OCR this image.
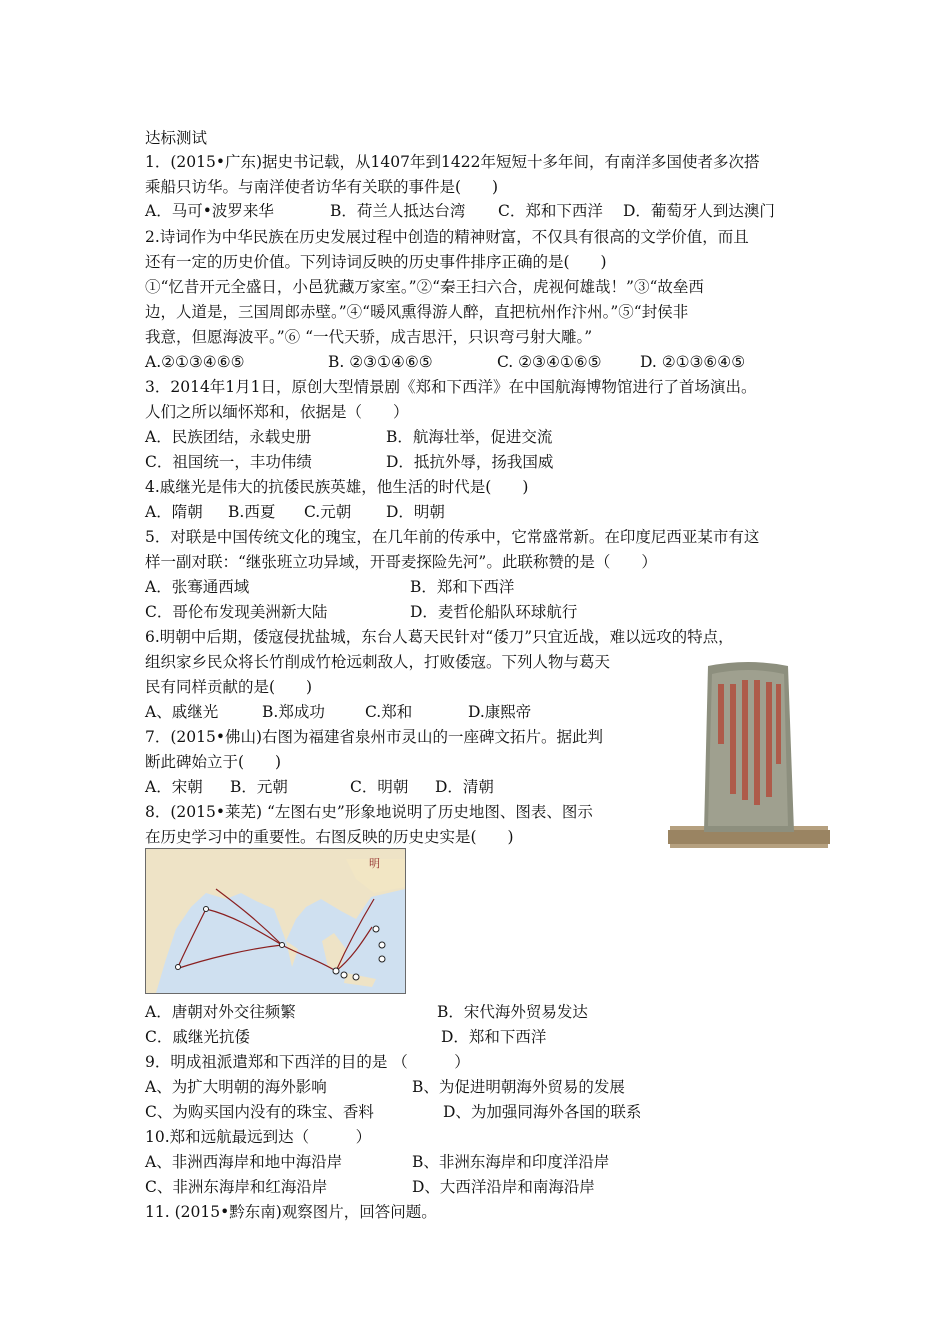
达标测试
1．(2015•广东)据史书记载，从1407年到1422年短短十多年间，有南洋多国使者多次搭
乘船只访华。与南洋使者访华有关联的事件是(　　)
A．马可•波罗来华	B．荷兰人抵达台湾 C．郑和下西洋 D．葡萄牙人到达澳门
2.诗词作为中华民族在历史发展过程中创造的精神财富，不仅具有很高的文学价值，而且
还有一定的历史价值。下列诗词反映的历史事件排序正确的是(　　)
①“忆昔开元全盛日，小邑犹藏万家室。”②“秦王扫六合，虎视何雄哉！”③“故垒西
边，人道是，三国周郎赤壁。”④“暖风熏得游人醉，直把杭州作汴州。”⑤“封侯非
我意，但愿海波平。”⑥ “一代天骄，成吉思汗，只识弯弓射大雕。”
A.②①③④⑥⑤	B. ②③①④⑥⑤	C. ②③④①⑥⑤ D. ②①③⑥④⑤
3．2014年1月1日，原创大型情景剧《郑和下西洋》在中国航海博物馆进行了首场演出。
人们之所以缅怀郑和，依据是（　　）
A．民族团结，永载史册	B．航海壮举，促进交流
C．祖国统一，丰功伟绩	D．抵抗外辱，扬我国威
4.戚继光是伟大的抗倭民族英雄，他生活的时代是(　　)
A．隋朝 B.西夏 C.元朝 D．明朝
5．对联是中国传统文化的瑰宝，在几年前的传承中，它常盛常新。在印度尼西亚某市有这
样一副对联：“继张班立功异域，开哥麦探险先河”。此联称赞的是（　　）
A．张骞通西域	B．郑和下西洋
C．哥伦布发现美洲新大陆	D．麦哲伦船队环球航行
6.明朝中后期，倭寇侵扰盐城，东台人葛天民针对“倭刀”只宜近战，难以远攻的特点，
组织家乡民众将长竹削成竹枪远刺敌人，打败倭寇。下列人物与葛天
民有同样贡献的是(　　)
A、戚继光	B.郑成功	C.郑和	D.康熙帝
7．(2015•佛山)右图为福建省泉州市灵山的一座碑文拓片。据此判
断此碑始立于(　　)
A．宋朝 B．元朝	C．明朝 D．清朝
8．(2015•莱芜) “左图右史”形象地说明了历史地图、图表、图示
在历史学习中的重要性。右图反映的历史史实是(　　)
明
A．唐朝对外交往频繁	B．宋代海外贸易发达
C．戚继光抗倭	D．郑和下西洋
9．明成祖派遣郑和下西洋的目的是 （　　　）
A、为扩大明朝的海外影响	B、为促进明朝海外贸易的发展
C、为购买国内没有的珠宝、香料	D、为加强同海外各国的联系
10.郑和远航最远到达（　　　）
A、非洲西海岸和地中海沿岸	B、非洲东海岸和印度洋沿岸
C、非洲东海岸和红海沿岸	D、大西洋沿岸和南海沿岸
11. (2015•黔东南)观察图片，回答问题。
